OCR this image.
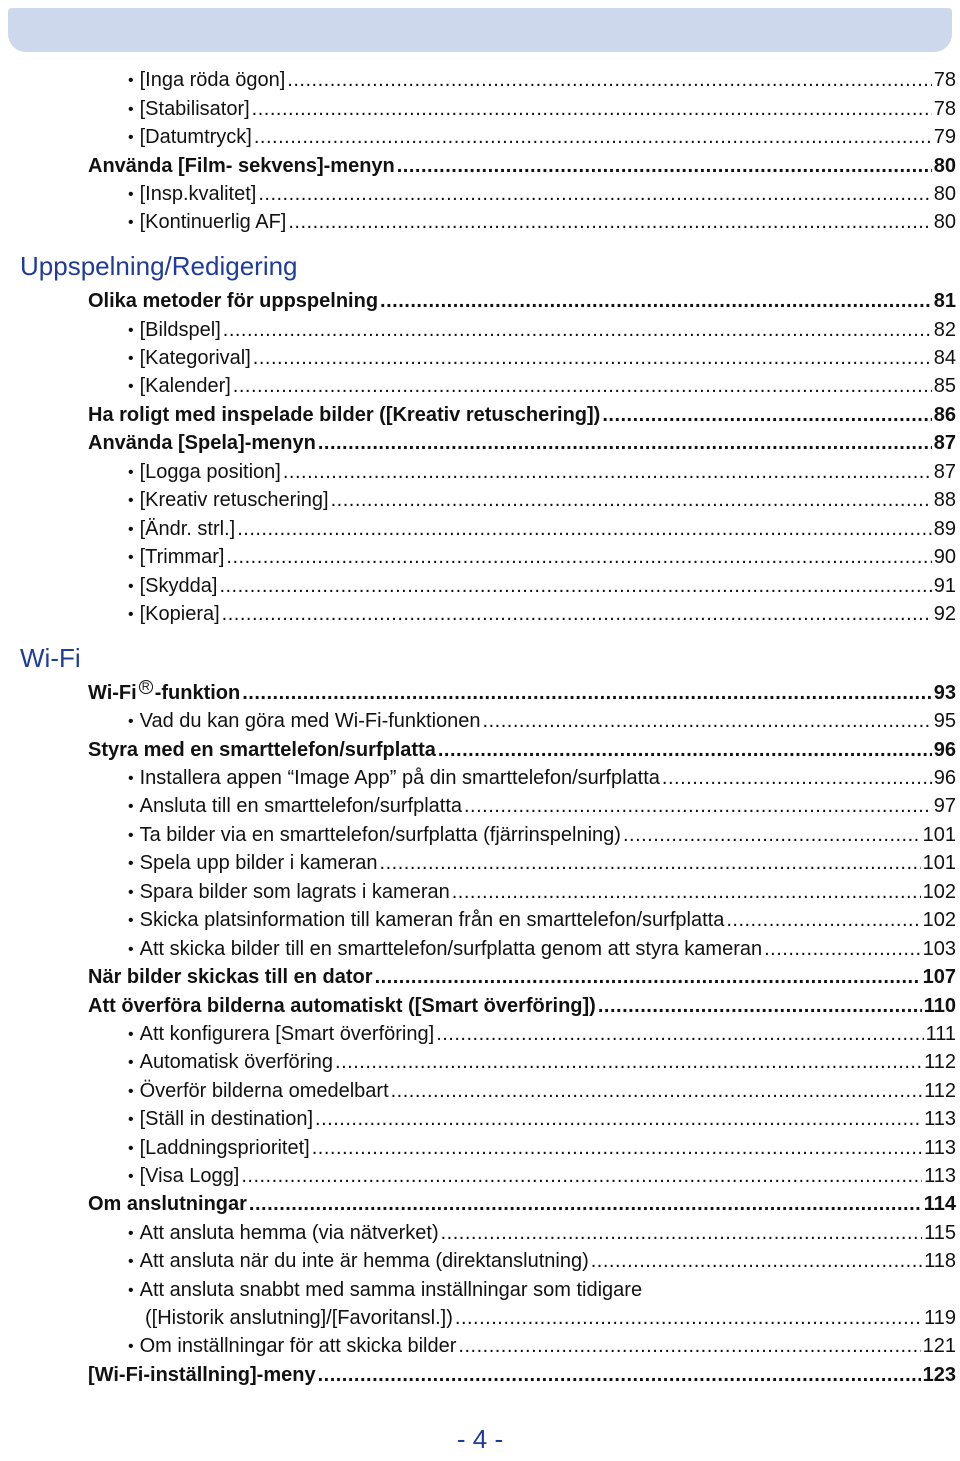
• [Inga röda ögon] .....	78
• [Stabilisator] .....	78
• [Datumtryck] .....	79
Använda [Film- sekvens]-menyn .....	80
• [Insp.kvalitet] .....	80
• [Kontinuerlig AF] .....	80
Uppspelning/Redigering
Olika metoder för uppspelning .....	81
• [Bildspel] .....	82
• [Kategorival] .....	84
• [Kalender] .....	85
Ha roligt med inspelade bilder ([Kreativ retuschering]) .....	86
Använda [Spela]-menyn .....	87
• [Logga position] .....	87
• [Kreativ retuschering] .....	88
• [Ändr. strl.] .....	89
• [Trimmar] .....	90
• [Skydda] .....	91
• [Kopiera] .....	92
Wi-Fi
Wi-Fi R -funktion .....	93
• Vad du kan göra med Wi-Fi-funktionen .....	95
Styra med en smarttelefon/surfplatta .....	96
• Installera appen “Image App” på din smarttelefon/surfplatta .....	96
• Ansluta till en smarttelefon/surfplatta .....	97
• Ta bilder via en smarttelefon/surfplatta (fjärrinspelning) .....	101
• Spela upp bilder i kameran .....	101
• Spara bilder som lagrats i kameran .....	102
• Skicka platsinformation till kameran från en smarttelefon/surfplatta .....	102
• Att skicka bilder till en smarttelefon/surfplatta genom att styra kameran .....	103
När bilder skickas till en dator .....	107
Att överföra bilderna automatiskt ([Smart överföring]) .....	110
• Att konfigurera [Smart överföring] .....	111
• Automatisk överföring .....	112
• Överför bilderna omedelbart .....	112
• [Ställ in destination] .....	113
• [Laddningsprioritet] .....	113
• [Visa Logg] .....	113
Om anslutningar .....	114
• Att ansluta hemma (via nätverket) .....	115
• Att ansluta när du inte är hemma (direktanslutning) .....	118
• Att ansluta snabbt med samma inställningar som tidigare
([Historik anslutning]/[Favoritansl.]) .....	119
• Om inställningar för att skicka bilder .....	121
[Wi-Fi-inställning]-meny .....	123
- 4 -
